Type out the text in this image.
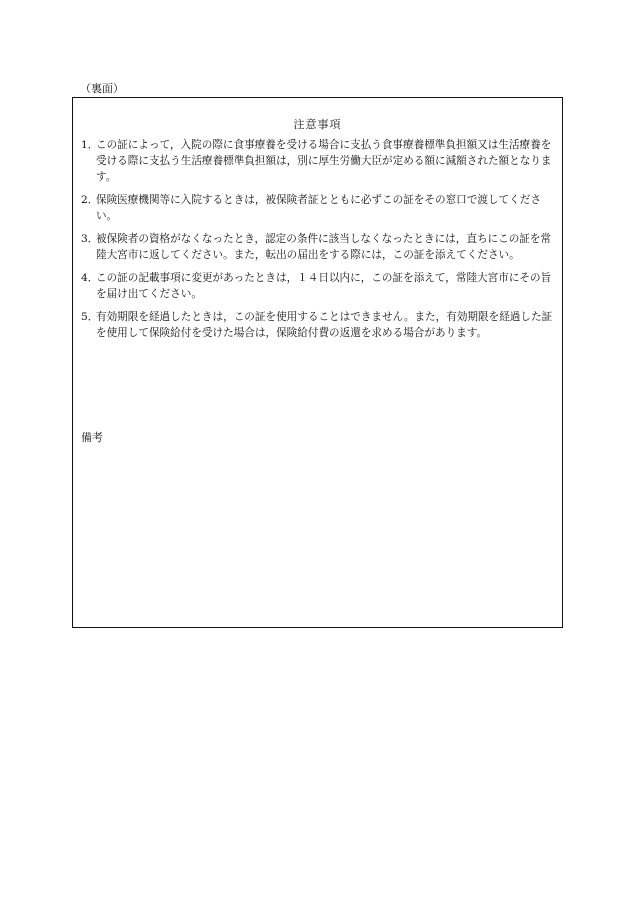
（裏面）
注意事項
1．
この証によって，入院の際に食事療養を受ける場合に支払う食事療養標準負担額又は生活療養を受ける際に支払う生活療養標準負担額は，別に厚生労働大臣が定める額に減額された額となります。
2．
保険医療機関等に入院するときは，被保険者証とともに必ずこの証をその窓口で渡してください。
3．
被保険者の資格がなくなったとき，認定の条件に該当しなくなったときには，直ちにこの証を常陸大宮市に返してください。また，転出の届出をする際には，この証を添えてください。
4．
この証の記載事項に変更があったときは，１４日以内に，この証を添えて，常陸大宮市にその旨を届け出てください。
5．
有効期限を経過したときは，この証を使用することはできません。また，有効期限を経過した証を使用して保険給付を受けた場合は，保険給付費の返還を求める場合があります。
備考
